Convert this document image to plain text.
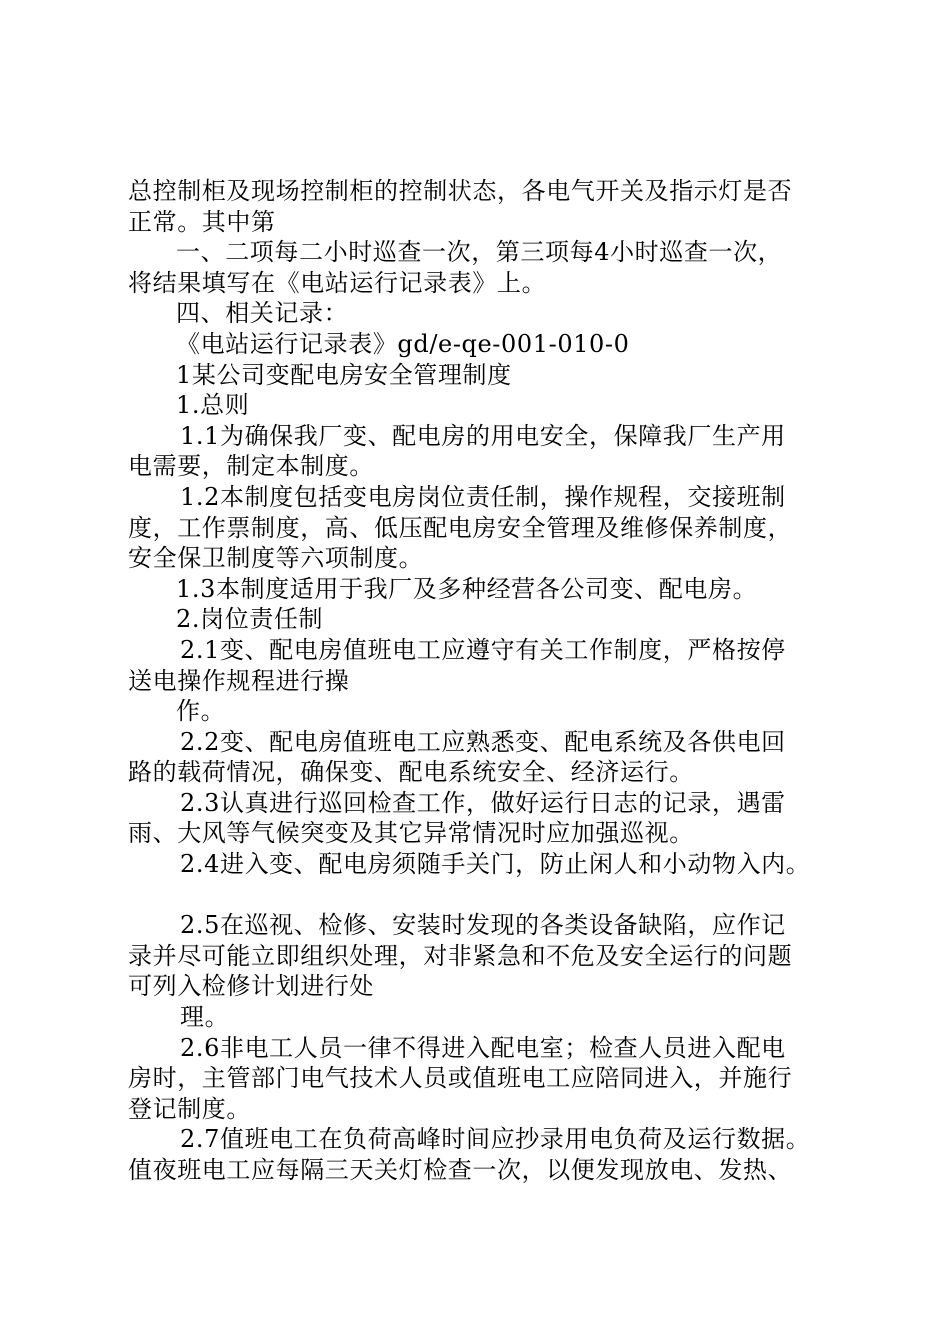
总控制柜及现场控制柜的控制状态，各电气开关及指示灯是否
正常。其中第
一、二项每二小时巡查一次，第三项每4小时巡查一次，
将结果填写在《电站运行记录表》上。
四、相关记录：
《电站运行记录表》gd/e-qe-001-010-0
1某公司变配电房安全管理制度
1.总则
1.1为确保我厂变、配电房的用电安全，保障我厂生产用
电需要，制定本制度。
1.2本制度包括变电房岗位责任制，操作规程，交接班制
度，工作票制度，高、低压配电房安全管理及维修保养制度，
安全保卫制度等六项制度。
1.3本制度适用于我厂及多种经营各公司变、配电房。
2.岗位责任制
2.1变、配电房值班电工应遵守有关工作制度，严格按停
送电操作规程进行操
作。
2.2变、配电房值班电工应熟悉变、配电系统及各供电回
路的载荷情况，确保变、配电系统安全、经济运行。
2.3认真进行巡回检查工作，做好运行日志的记录，遇雷
雨、大风等气候突变及其它异常情况时应加强巡视。
2.4进入变、配电房须随手关门，防止闲人和小动物入内。
2.5在巡视、检修、安装时发现的各类设备缺陷，应作记
录并尽可能立即组织处理，对非紧急和不危及安全运行的问题
可列入检修计划进行处
理。
2.6非电工人员一律不得进入配电室；检查人员进入配电
房时，主管部门电气技术人员或值班电工应陪同进入，并施行
登记制度。
2.7值班电工在负荷高峰时间应抄录用电负荷及运行数据。
值夜班电工应每隔三天关灯检查一次，以便发现放电、发热、
